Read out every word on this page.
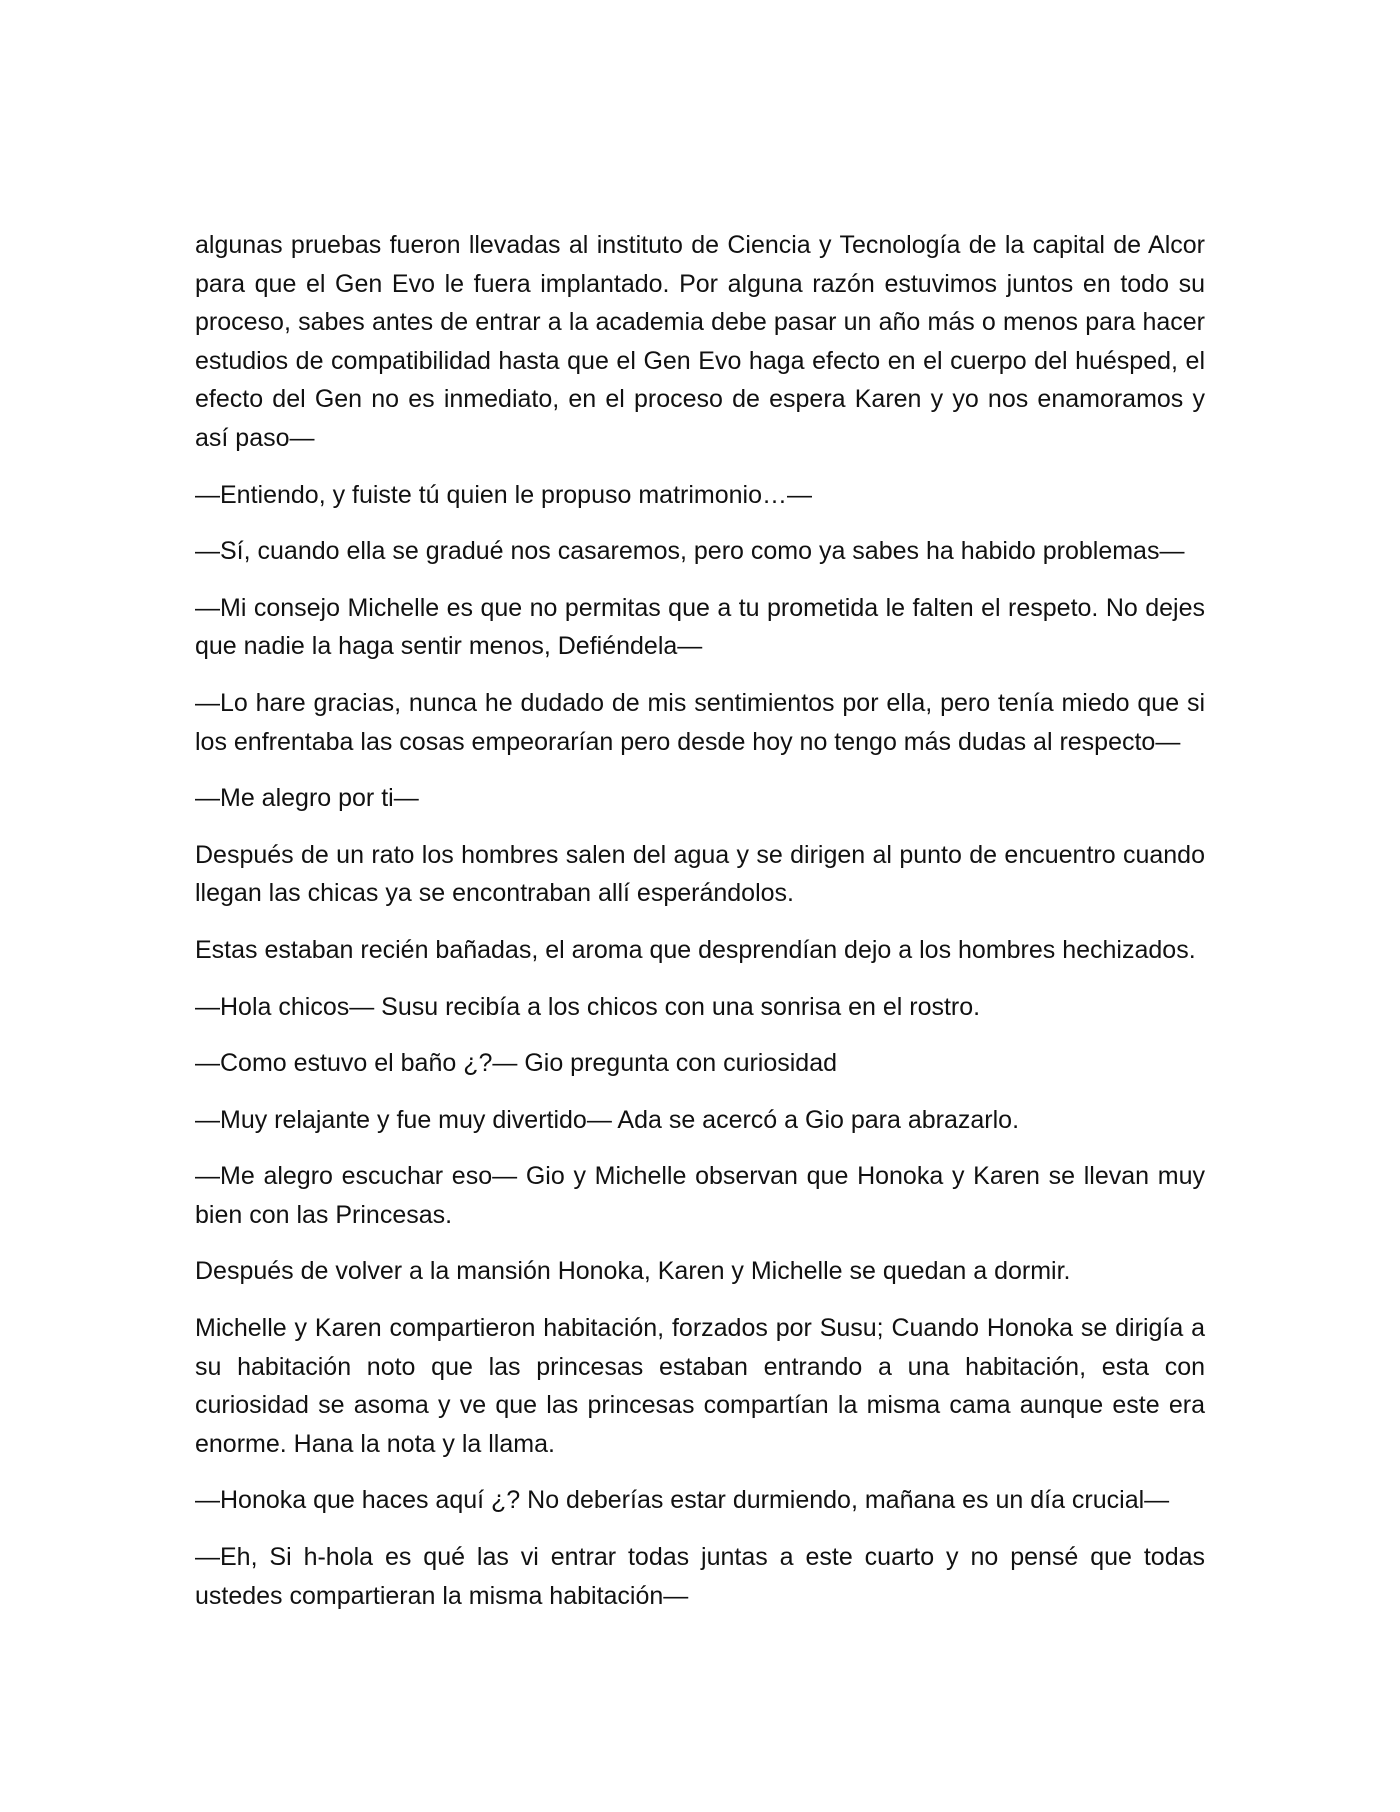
algunas pruebas fueron llevadas al instituto de Ciencia y Tecnología de la capital de Alcor para que el Gen Evo le fuera implantado. Por alguna razón estuvimos juntos en todo su proceso, sabes antes de entrar a la academia debe pasar un año más o menos para hacer estudios de compatibilidad hasta que el Gen Evo haga efecto en el cuerpo del huésped, el efecto del Gen no es inmediato, en el proceso de espera Karen y yo nos enamoramos y así paso—

—Entiendo, y fuiste tú quien le propuso matrimonio…—

—Sí, cuando ella se gradué nos casaremos, pero como ya sabes ha habido problemas—

—Mi consejo Michelle es que no permitas que a tu prometida le falten el respeto. No dejes que nadie la haga sentir menos, Defiéndela—

—Lo hare gracias, nunca he dudado de mis sentimientos por ella, pero tenía miedo que si los enfrentaba las cosas empeorarían pero desde hoy no tengo más dudas al respecto—

—Me alegro por ti—

Después de un rato los hombres salen del agua y se dirigen al punto de encuentro cuando llegan las chicas ya se encontraban allí esperándolos.

Estas estaban recién bañadas, el aroma que desprendían dejo a los hombres hechizados.

—Hola chicos— Susu recibía a los chicos con una sonrisa en el rostro.

—Como estuvo el baño ¿?— Gio pregunta con curiosidad

—Muy relajante y fue muy divertido— Ada se acercó a Gio para abrazarlo.

—Me alegro escuchar eso— Gio y Michelle observan que Honoka y Karen se llevan muy bien con las Princesas.

Después de volver a la mansión Honoka, Karen y Michelle se quedan a dormir.

Michelle y Karen compartieron habitación, forzados por Susu; Cuando Honoka se dirigía a su habitación noto que las princesas estaban entrando a una habitación, esta con curiosidad se asoma y ve que las princesas compartían la misma cama aunque este era enorme. Hana la nota y la llama.

—Honoka que haces aquí ¿? No deberías estar durmiendo, mañana es un día crucial—

—Eh, Si h-hola es qué las vi entrar todas juntas a este cuarto y no pensé que todas ustedes compartieran la misma habitación—
